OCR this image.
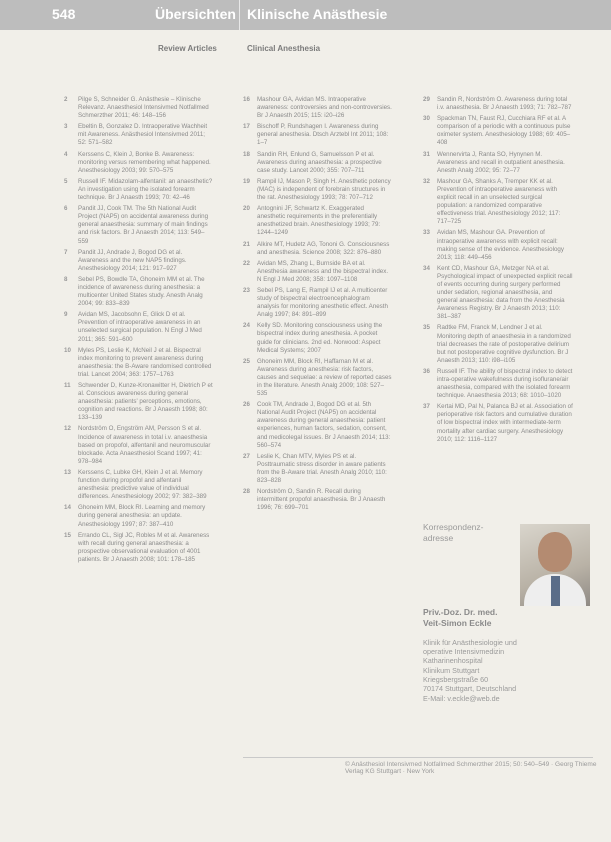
548	Übersichten Klinische Anästhesie
Review Articles	Clinical Anesthesia
2 Pilge S, Schneider G. Anästhesie – Klinische Relevanz. Anaesthesiol Intensivmed Notfallmed Schmerzther 2011; 46: 148–156
3 Ebeltin B, Gonzalez D. Intraoperative Wachheit mit Awareness. Anästhesiol Intensivmed 2011; 52: 571–582
4 Kerssens C, Klein J, Bonke B. Awareness: monitoring versus remembering what happened. Anesthesiology 2003; 99: 570–575
5 Russell IF. Midazolam-alfentanil: an anaesthetic? An investigation using the isolated forearm technique. Br J Anaesth 1993; 70: 42–46
6 Pandit JJ, Cook TM. The 5th National Audit Project (NAP5) on accidental awareness during general anaesthesia: summary of main findings and risk factors. Br J Anaesth 2014; 113: 549–559
7 Pandit JJ, Andrade J, Bogod DG et al. Awareness and the new NAP5 findings. Anesthesiology 2014; 121: 917–927
8 Sebel PS, Bowdle TA, Ghoneim MM et al. The incidence of awareness during anesthesia: a multicenter United States study. Anesth Analg 2004; 99: 833–839
9 Avidan MS, Jacobsohn E, Glick D et al. Prevention of intraoperative awareness in an unselected surgical population. N Engl J Med 2011; 365: 591–600
10 Myles PS, Leslie K, McNeil J et al. Bispectral index monitoring to prevent awareness during anaesthesia: the B-Aware randomised controlled trial. Lancet 2004; 363: 1757–1763
11 Schwender D, Kunze-Kronawitter H, Dietrich P et al. Conscious awareness during general anaesthesia: patients' perceptions, emotions, cognition and reactions. Br J Anaesth 1998; 80: 133–139
12 Nordström O, Engström AM, Persson S et al. Incidence of awareness in total i.v. anaesthesia based on propofol, alfentanil and neuromuscular blockade. Acta Anaesthesiol Scand 1997; 41: 978–984
13 Kerssens C, Lubke GH, Klein J et al. Memory function during propofol and alfentanil anesthesia: predictive value of individual differences. Anesthesiology 2002; 97: 382–389
14 Ghoneim MM, Block RI. Learning and memory during general anesthesia: an update. Anesthesiology 1997; 87: 387–410
15 Errando CL, Sigl JC, Robles M et al. Awareness with recall during general anaesthesia: a prospective observational evaluation of 4001 patients. Br J Anaesth 2008; 101: 178–185
16 Mashour GA, Avidan MS. Intraoperative awareness: controversies and non-controversies. Br J Anaesth 2015; 115: i20–i26
17 Bischoff P, Rundshagen I. Awareness during general anesthesia. Dtsch Arztebl Int 2011; 108: 1–7
18 Sandin RH, Enlund G, Samuelsson P et al. Awareness during anaesthesia: a prospective case study. Lancet 2000; 355: 707–711
19 Rampil IJ, Mason P, Singh H. Anesthetic potency (MAC) is independent of forebrain structures in the rat. Anesthesiology 1993; 78: 707–712
20 Antognini JF, Schwartz K. Exaggerated anesthetic requirements in the preferentially anesthetized brain. Anesthesiology 1993; 79: 1244–1249
21 Alkire MT, Hudetz AG, Tononi G. Consciousness and anesthesia. Science 2008; 322: 876–880
22 Avidan MS, Zhang L, Burnside BA et al. Anesthesia awareness and the bispectral index. N Engl J Med 2008; 358: 1097–1108
23 Sebel PS, Lang E, Rampil IJ et al. A multicenter study of bispectral electroencephalogram analysis for monitoring anesthetic effect. Anesth Analg 1997; 84: 891–899
24 Kelly SD. Monitoring consciousness using the bispectral index during anesthesia. A pocket guide for clinicians. 2nd ed. Norwood: Aspect Medical Systems; 2007
25 Ghoneim MM, Block RI, Haffarnan M et al. Awareness during anesthesia: risk factors, causes and sequelae: a review of reported cases in the literature. Anesth Analg 2009; 108: 527–535
26 Cook TM, Andrade J, Bogod DG et al. 5th National Audit Project (NAP5) on accidental awareness during general anaesthesia: patient experiences, human factors, sedation, consent, and medicolegal issues. Br J Anaesth 2014; 113: 560–574
27 Leslie K, Chan MTV, Myles PS et al. Posttraumatic stress disorder in aware patients from the B-Aware trial. Anesth Analg 2010; 110: 823–828
28 Nordström O, Sandin R. Recall during intermittent propofol anaesthesia. Br J Anaesth 1996; 76: 699–701
29 Sandin R, Nordström O. Awareness during total i.v. anaesthesia. Br J Anaesth 1993; 71: 782–787
30 Spackman TN, Faust RJ, Cucchiara RF et al. A comparison of a periodic with a continuous pulse oximeter system. Anesthesiology 1988; 69: 405–408
31 Wennervirta J, Ranta SO, Hynynen M. Awareness and recall in outpatient anesthesia. Anesth Analg 2002; 95: 72–77
32 Mashour GA, Shanks A, Tremper KK et al. Prevention of intraoperative awareness with explicit recall in an unselected surgical population: a randomized comparative effectiveness trial. Anesthesiology 2012; 117: 717–725
33 Avidan MS, Mashour GA. Prevention of intraoperative awareness with explicit recall: making sense of the evidence. Anesthesiology 2013; 118: 449–456
34 Kent CD, Mashour GA, Metzger NA et al. Psychological impact of unexpected explicit recall of events occurring during surgery performed under sedation, regional anaesthesia, and general anaesthesia: data from the Anesthesia Awareness Registry. Br J Anaesth 2013; 110: 381–387
35 Radtke FM, Franck M, Lendner J et al. Monitoring depth of anaesthesia in a randomized trial decreases the rate of postoperative delirium but not postoperative cognitive dysfunction. Br J Anaesth 2013; 110: i98–i105
36 Russell IF. The ability of bispectral index to detect intra-operative wakefulness during isoflurane/air anaesthesia, compared with the isolated forearm technique. Anaesthesia 2013; 68: 1010–1020
37 Kertai MD, Pal N, Palanca BJ et al. Association of perioperative risk factors and cumulative duration of low bispectral index with intermediate-term mortality after cardiac surgery. Anesthesiology 2010; 112: 1116–1127
Korrespondenz-
adresse
Priv.-Doz. Dr. med.
Veit-Simon Eckle
Klinik für Anästhesiologie und
operative Intensivmedizin
Katharinenhospital
Klinikum Stuttgart
Kriegsbergstraße 60
70174 Stuttgart, Deutschland
E-Mail: v.eckle@web.de
© Anästhesiol Intensivmed Notfallmed Schmerzther 2015; 50: 540–549 · Georg Thieme Verlag KG Stuttgart · New York
